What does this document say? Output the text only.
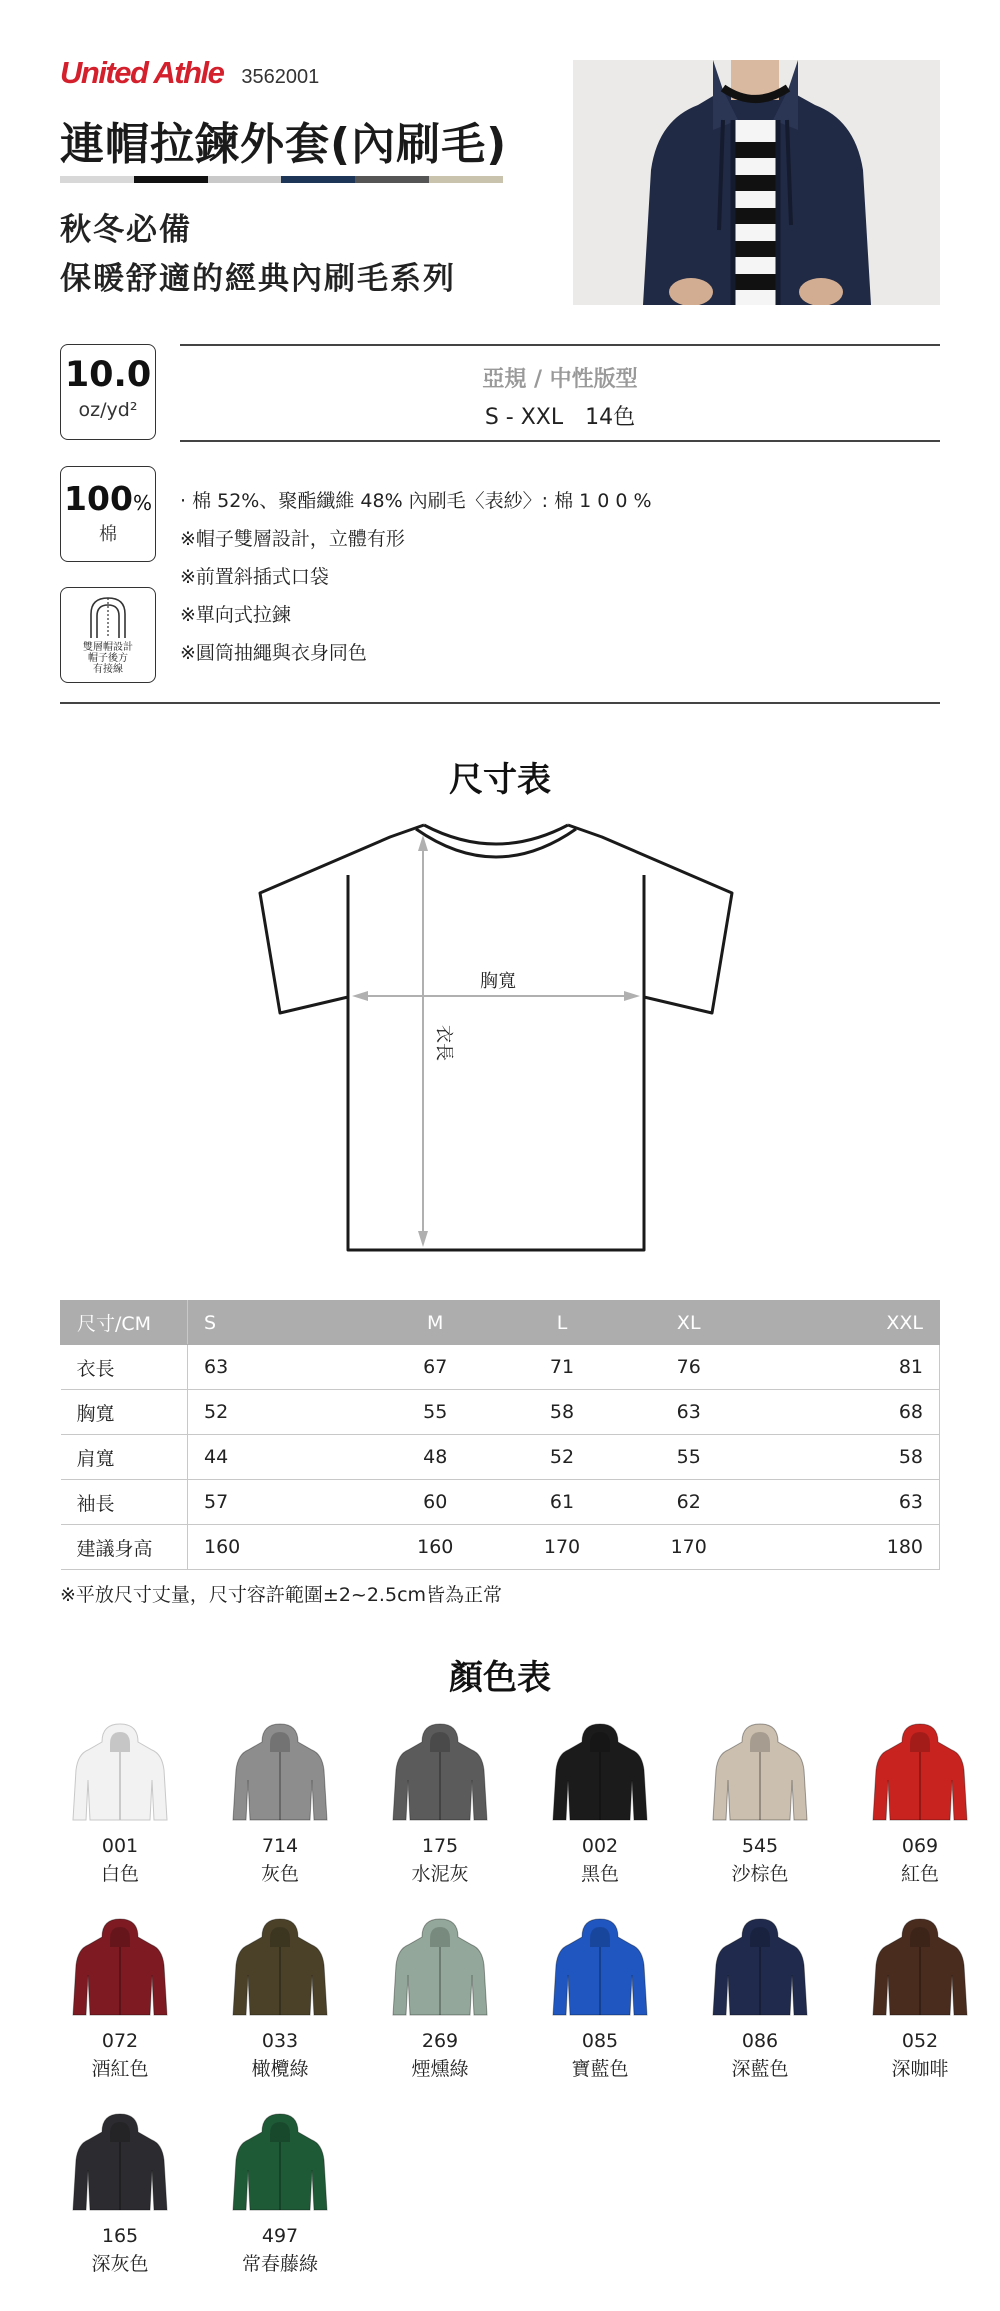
United Athle 3562001
連帽拉鍊外套(內刷毛)
秋冬必備
保暖舒適的經典內刷毛系列
10.0
oz/yd²
100%
棉
雙層帽設計
帽子後方
有接線
亞規 / 中性版型
S - XXL　14色
· 棉 52%、聚酯纖維 48% 內刷毛〈表紗〉: 棉 1 0 0 %
※帽子雙層設計，立體有形
※前置斜插式口袋
※單向式拉鍊
※圓筒抽繩與衣身同色
尺寸表
胸寬
衣長
尺寸/CM	S	M	L	XL	XXL
衣長	63	67	71	76	81
胸寬	52	55	58	63	68
肩寬	44	48	52	55	58
袖長	57	60	61	62	63
建議身高	160	160	170	170	180
※平放尺寸丈量，尺寸容許範圍±2~2.5cm皆為正常
顏色表
001
白色
714
灰色
175
水泥灰
002
黑色
545
沙棕色
069
紅色
072
酒紅色
033
橄欖綠
269
煙燻綠
085
寶藍色
086
深藍色
052
深咖啡
165
深灰色
497
常春藤綠
